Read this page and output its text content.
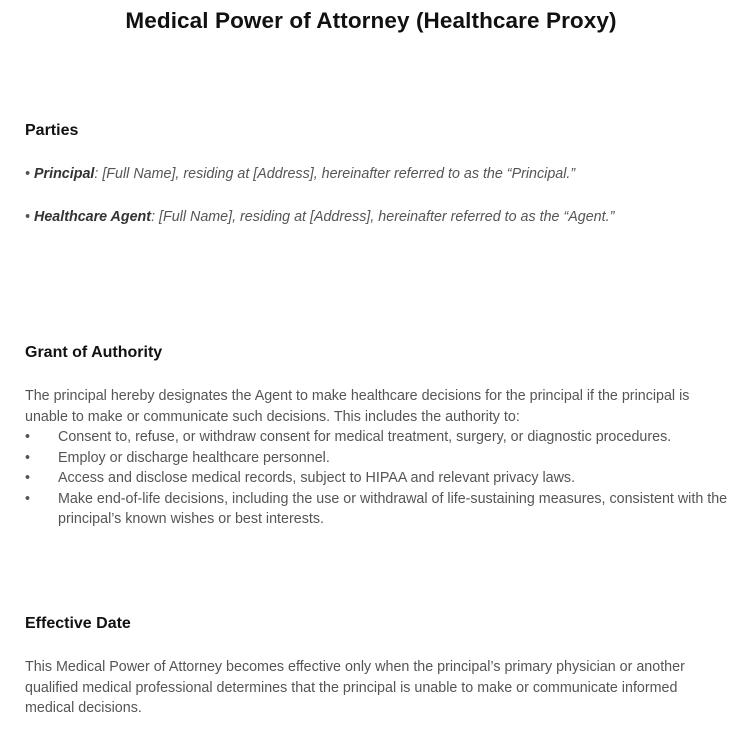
Medical Power of Attorney (Healthcare Proxy)
Parties
• Principal: [Full Name], residing at [Address], hereinafter referred to as the “Principal.”
• Healthcare Agent: [Full Name], residing at [Address], hereinafter referred to as the “Agent.”
Grant of Authority
The principal hereby designates the Agent to make healthcare decisions for the principal if the principal is unable to make or communicate such decisions. This includes the authority to:
• Consent to, refuse, or withdraw consent for medical treatment, surgery, or diagnostic procedures.
• Employ or discharge healthcare personnel.
• Access and disclose medical records, subject to HIPAA and relevant privacy laws.
• Make end-of-life decisions, including the use or withdrawal of life-sustaining measures, consistent with the principal’s known wishes or best interests.
Effective Date
This Medical Power of Attorney becomes effective only when the principal’s primary physician or another qualified medical professional determines that the principal is unable to make or communicate informed medical decisions.
